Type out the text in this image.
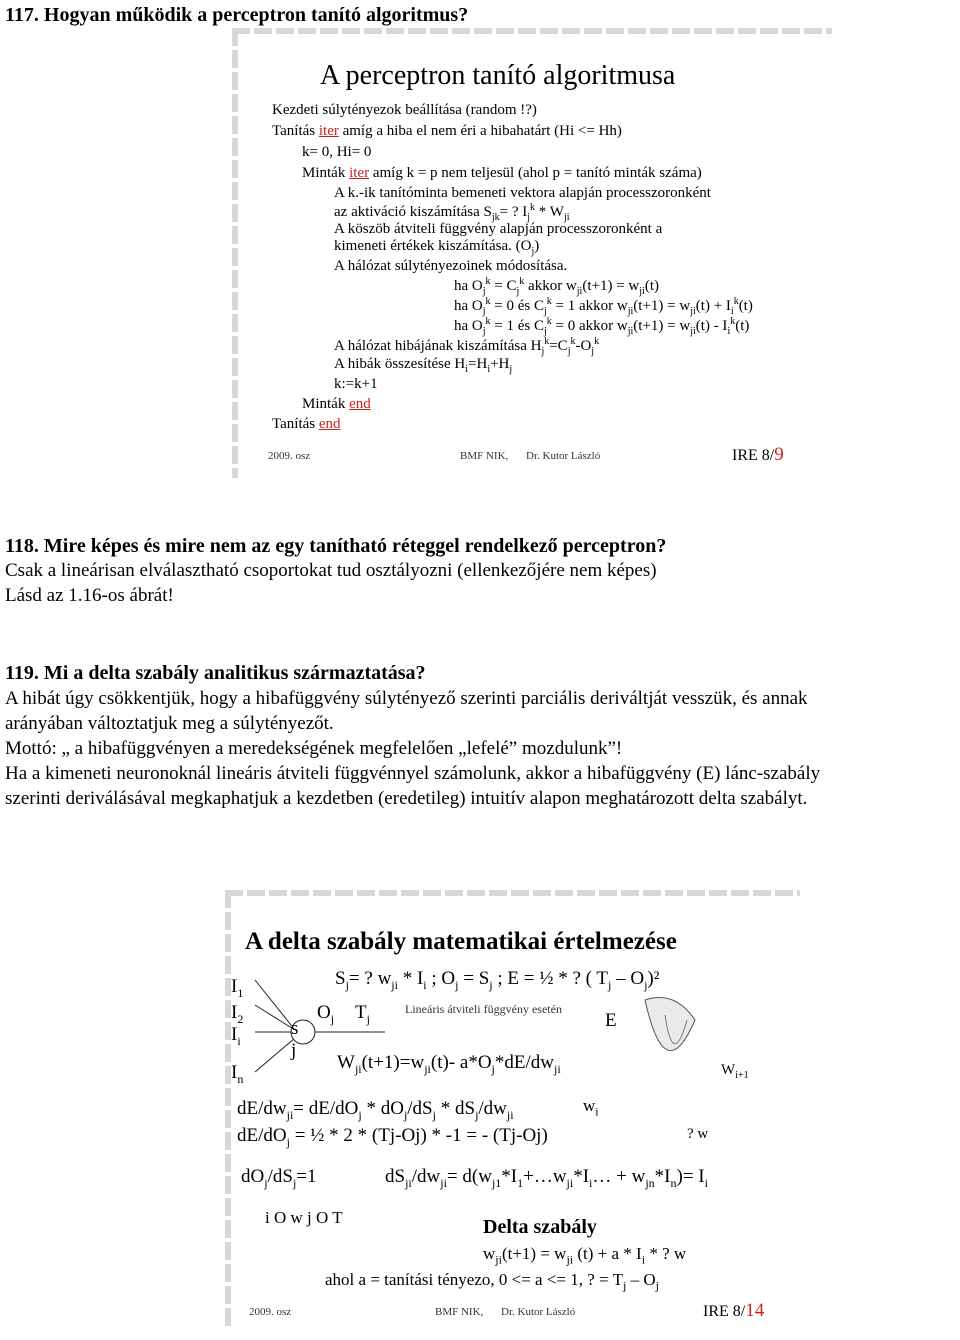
117. Hogyan működik a perceptron tanító algoritmus?
A perceptron tanító algoritmusa
Kezdeti súlytényezok beállítása (random !?)
Tanítás iter amíg a hiba el nem éri a hibahatárt (Hi <= Hh)
k= 0, Hi= 0
Minták iter amíg k = p nem teljesül (ahol p = tanító minták száma)
A k.-ik tanítóminta bemeneti vektora alapján processzoronként
az aktiváció kiszámítása $S_{jk}=$ ? $I_j^k * W_{ji}$
A köszöb átviteli függvény alapján processzoronként a
kimeneti értékek kiszámítása. $(O_j)$
A hálózat súlytényezoinek módosítása.
ha $O_j^k = C_j^k$ akkor $w_{ji}(t+1) = w_{ji}(t)$
ha $O_j^k = 0$ és $C_j^k = 1$ akkor $w_{ji}(t+1) = w_{ji}(t) + I_i^k(t)$
ha $O_j^k = 1$ és $C_j^k = 0$ akkor $w_{ji}(t+1) = w_{ji}(t) - I_i^k(t)$
A hálózat hibájának kiszámítása $H_j^k=C_j^k-O_j^k$
A hibák összesítése $H_i=H_i+H_j$
k:=k+1
Minták end
Tanítás end
2009. osz	BMF NIK, Dr. Kutor László	IRE 8/9
118. Mire képes és mire nem az egy tanítható réteggel rendelkező perceptron?
Csak a lineárisan elválasztható csoportokat tud osztályozni (ellenkezőjére nem képes)
Lásd az 1.16-os ábrát!
119. Mi a delta szabály analitikus származtatása?
A hibát úgy csökkentjük, hogy a hibafüggvény súlytényező szerinti parciális deriváltját vesszük, és annak
arányában változtatjuk meg a súlytényezőt.
Mottó: „ a hibafüggvényen a meredekségének megfelelően „lefelé” mozdulunk”!
Ha a kimeneti neuronoknál lineáris átviteli függvénnyel számolunk, akkor a hibafüggvény (E) lánc-szabály
szerinti deriválásával megkaphatjuk a kezdetben (eredetileg) intuitív alapon meghatározott delta szabályt.
A delta szabály matematikai értelmezése
$S_j=$ ? $w_{ji} * I_i$ ; $O_j = S_j$ ; E = ½ * ? ( $T_j - O_j)^2$
Lineáris átviteli függvény esetén
$I_1$
$I_2$
$I_i$
$I_n$
s
j
$O_j$ $T_j$	E
$W_{ji}(t+1)=w_{ji}(t)-$ $a*O_j*dE/dw_{ji}$	$W_{i+1}$
$dE/dw_{ji}= dE/dO_j * dO_j/dS_j * dS_j/dw_{ji}$	$w_i$
$dE/dO_j$ = ½ * 2 * (Tj-Oj) * -1 = - (Tj-Oj)	? w
$dO_j/dS_j=1$	$dS_{ji}/dw_{ji}=$ $d(w_{j1}*I_1+\dots w_{ji}*I_i\dots + w_{jn}*I_n)= I_i$
i O w j O T	Delta szabály
$w_{ji}(t+1) = w_{ji}$ $(t) + a * I_i$ * ? w
ahol a = tanítási tényezo, 0 <= a <= 1, ? = $T_j - O_j$
2009. osz	BMF NIK, Dr. Kutor László	IRE 8/14
